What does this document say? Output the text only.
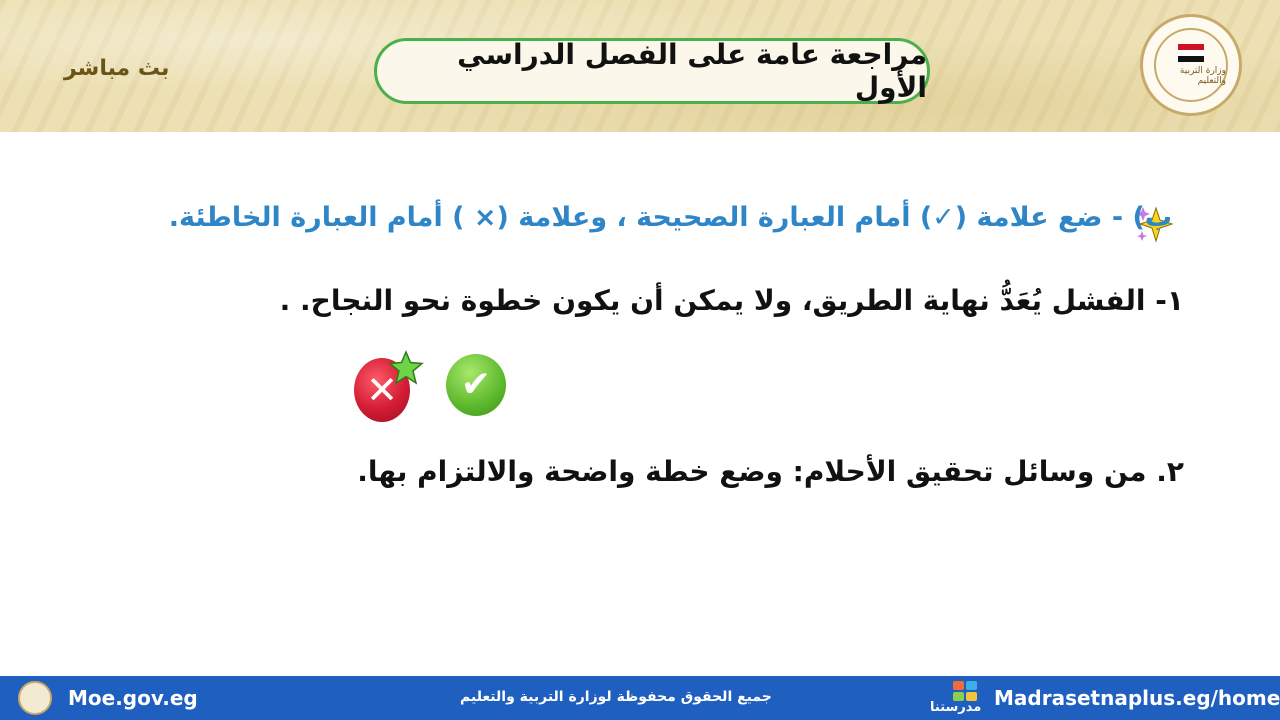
بث مباشر	مراجعة عامة على الفصل الدراسي الأول	وزارة التربية والتعليم
ب) - ضع علامة (✓) أمام العبارة الصحيحة ، وعلامة (× ) أمام العبارة الخاطئة.
١- الفشل يُعَدُّ نهاية الطريق، ولا يمكن أن يكون خطوة نحو النجاح. .
✕ ✔
٢. من وسائل تحقيق الأحلام: وضع خطة واضحة والالتزام بها.
Moe.gov.eg	جميع الحقوق محفوظة لوزارة التربية والتعليم
مدرستنا Madrasetnaplus.eg/home
